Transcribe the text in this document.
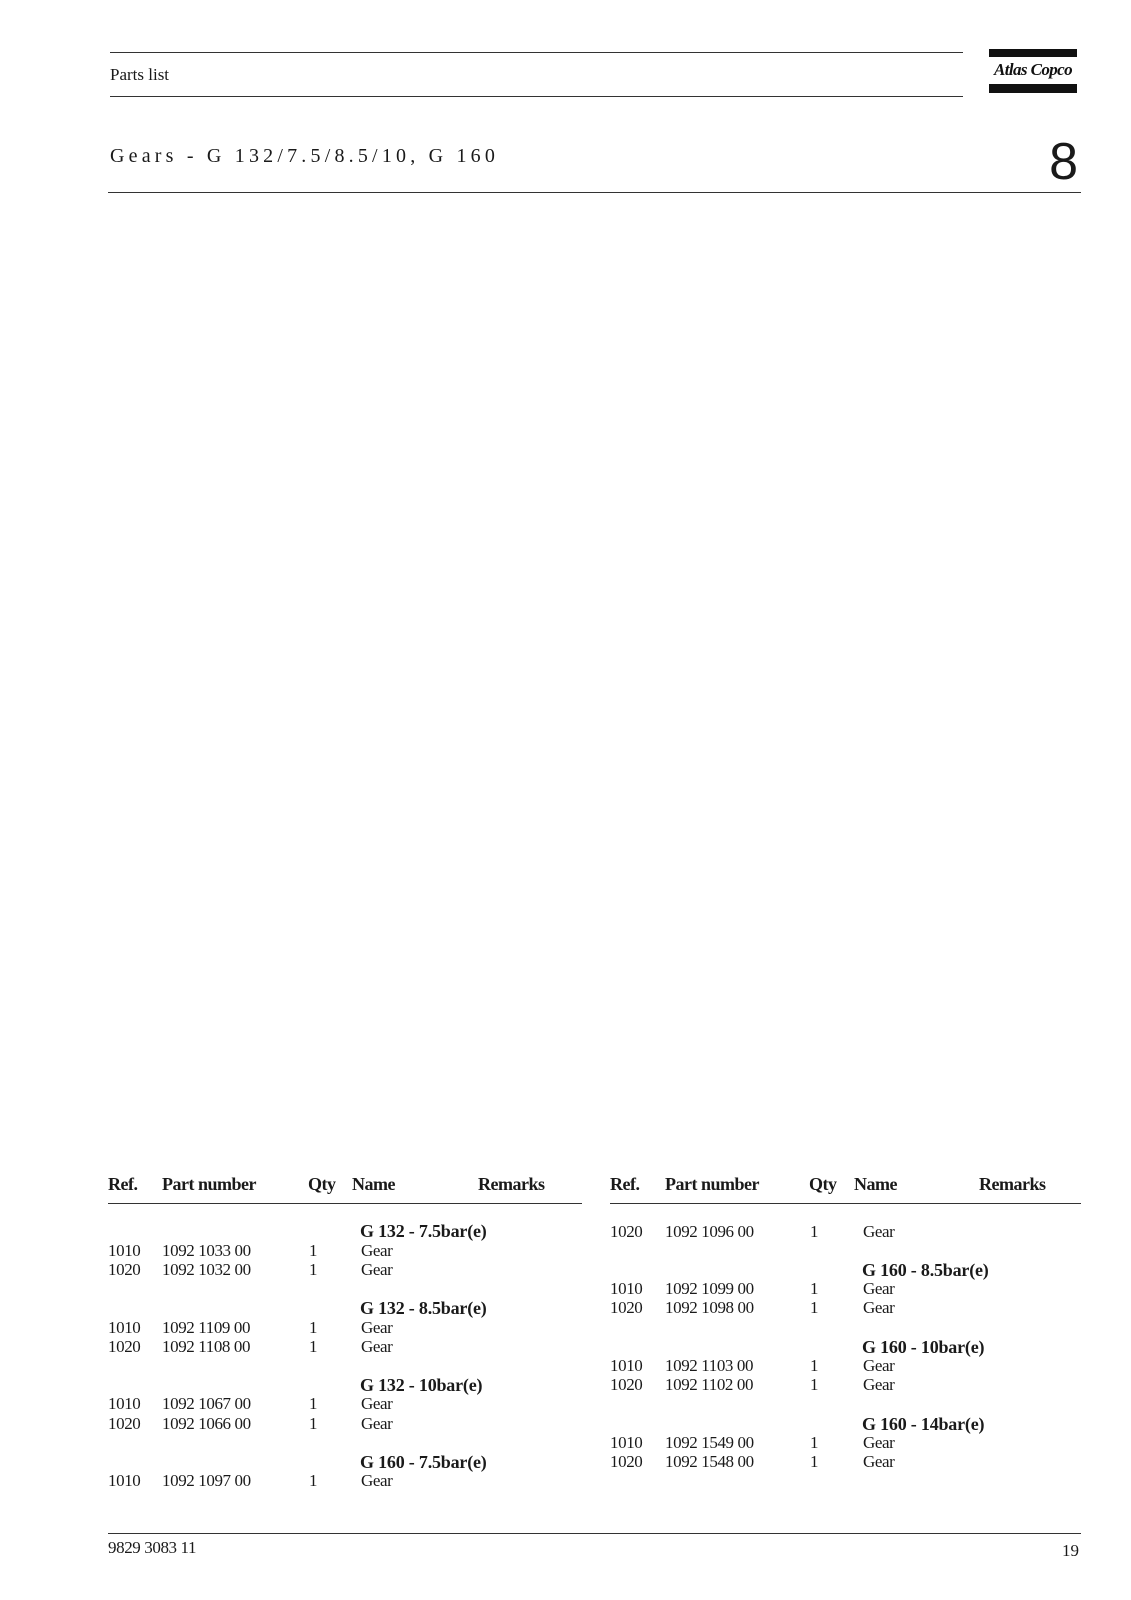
Parts list	Atlas Copco
Gears - G 132/7.5/8.5/10, G 160	8
Ref. Part number	Qty Name	Remarks	Ref. Part number	Qty Name	Remarks
G 132 - 7.5bar(e)
1010 1092 1033 00	1	Gear
1020 1092 1032 00	1	Gear
G 132 - 8.5bar(e)
1010 1092 1109 00	1	Gear
1020 1092 1108 00	1	Gear
G 132 - 10bar(e)
1010 1092 1067 00	1	Gear
1020 1092 1066 00	1	Gear
G 160 - 7.5bar(e)
1010 1092 1097 00	1	Gear
1020 1092 1096 00	1	Gear
G 160 - 8.5bar(e)
1010 1092 1099 00	1	Gear
1020 1092 1098 00	1	Gear
G 160 - 10bar(e)
1010 1092 1103 00	1	Gear
1020 1092 1102 00	1	Gear
G 160 - 14bar(e)
1010 1092 1549 00	1	Gear
1020 1092 1548 00	1	Gear
9829 3083 11	19
